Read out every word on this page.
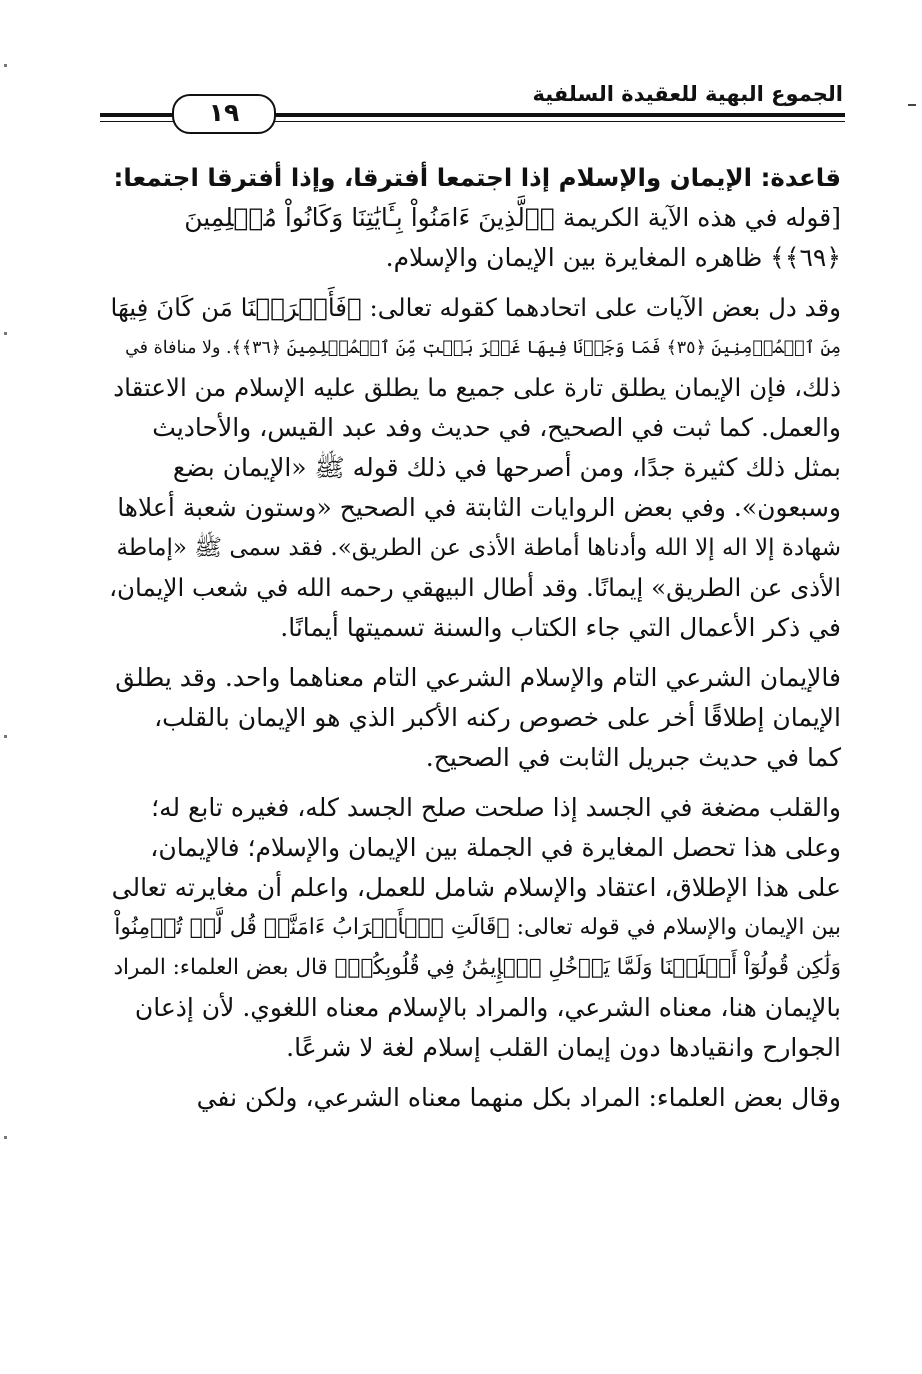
الجموع البهية للعقيدة السلفية
١٩
قاعدة: الإيمان والإسلام إذا اجتمعا أفترقا، وإذا أفترقا اجتمعا:
[قوله في هذه الآية الكريمة ﴿ٱلَّذِينَ ءَامَنُواْ بِـَٔايَٰتِنَا وَكَانُواْ مُسۡلِمِينَ
﴿٦٩﴾﴾ ظاهره المغايرة بين الإيمان والإسلام.
وقد دل بعض الآيات على اتحادهما كقوله تعالى: ﴿فَأَخۡرَجۡنَا مَن كَانَ فِيهَا
مِنَ ٱلۡمُؤۡمِنِينَ ﴿٣٥﴾ فَمَا وَجَدۡنَا فِيهَا غَيۡرَ بَيۡتٖ مِّنَ ٱلۡمُسۡلِمِينَ ﴿٣٦﴾﴾. ولا منافاة في
ذلك، فإن الإيمان يطلق تارة على جميع ما يطلق عليه الإسلام من الاعتقاد
والعمل. كما ثبت في الصحيح، في حديث وفد عبد القيس، والأحاديث
بمثل ذلك كثيرة جدًا، ومن أصرحها في ذلك قوله ﷺ «الإيمان بضع
وسبعون». وفي بعض الروايات الثابتة في الصحيح «وستون شعبة أعلاها
شهادة إلا اله إلا الله وأدناها أماطة الأذى عن الطريق». فقد سمى ﷺ «إماطة
الأذى عن الطريق» إيمانًا. وقد أطال البيهقي رحمه الله في شعب الإيمان،
في ذكر الأعمال التي جاء الكتاب والسنة تسميتها أيمانًا.
فالإيمان الشرعي التام والإسلام الشرعي التام معناهما واحد. وقد يطلق
الإيمان إطلاقًا أخر على خصوص ركنه الأكبر الذي هو الإيمان بالقلب،
كما في حديث جبريل الثابت في الصحيح.
والقلب مضغة في الجسد إذا صلحت صلح الجسد كله، فغيره تابع له؛
وعلى هذا تحصل المغايرة في الجملة بين الإيمان والإسلام؛ فالإيمان،
على هذا الإطلاق، اعتقاد والإسلام شامل للعمل، واعلم أن مغايرته تعالى
بين الإيمان والإسلام في قوله تعالى: ﴿قَالَتِ ٱلۡأَعۡرَابُ ءَامَنَّاۖ قُل لَّمۡ تُؤۡمِنُواْ
وَلَٰكِن قُولُوٓاْ أَسۡلَمۡنَا وَلَمَّا يَدۡخُلِ ٱلۡإِيمَٰنُ فِي قُلُوبِكُمۡ﴾ قال بعض العلماء: المراد
بالإيمان هنا، معناه الشرعي، والمراد بالإسلام معناه اللغوي. لأن إذعان
الجوارح وانقيادها دون إيمان القلب إسلام لغة لا شرعًا.
وقال بعض العلماء: المراد بكل منهما معناه الشرعي، ولكن نفي
